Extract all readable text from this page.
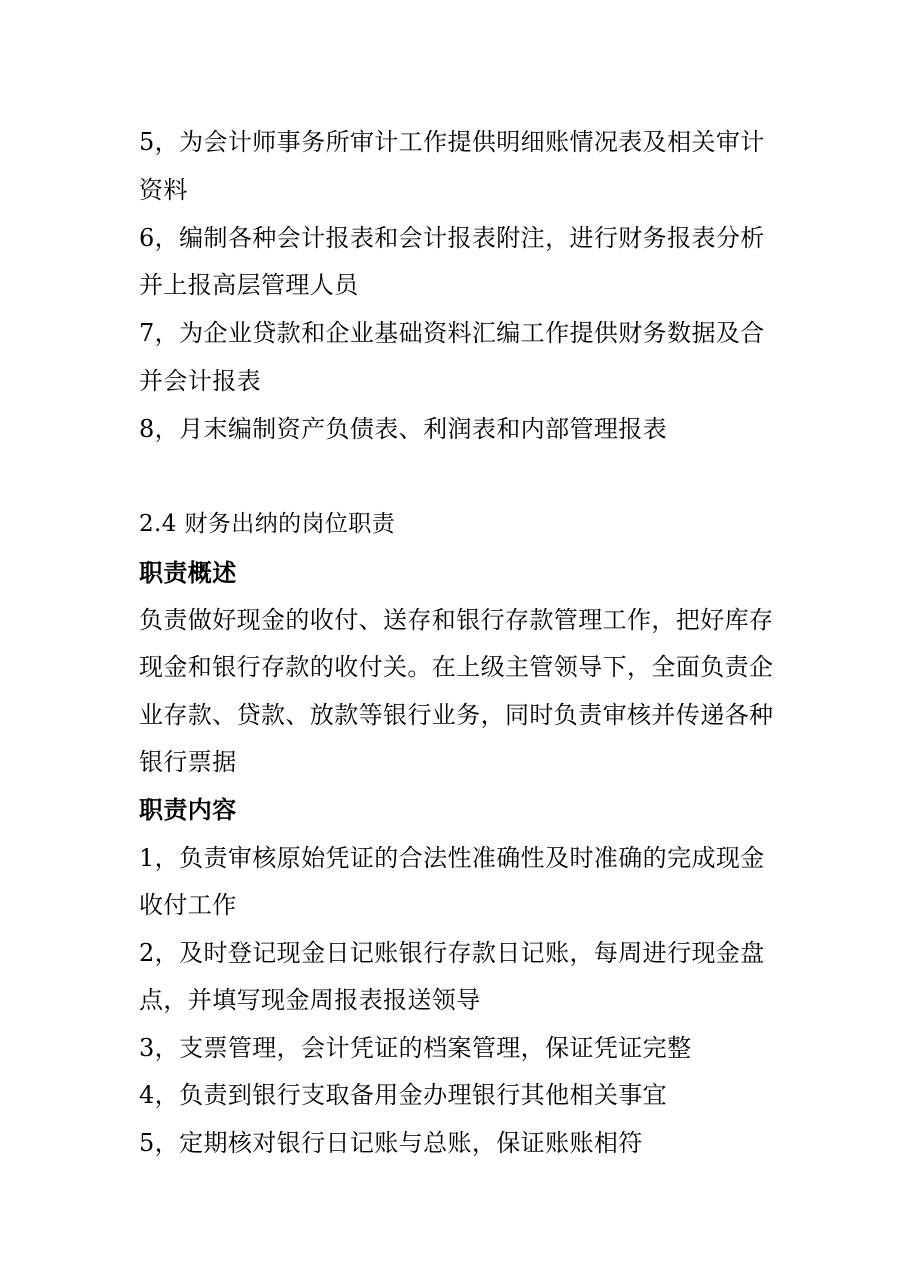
5，为会计师事务所审计工作提供明细账情况表及相关审计
资料
6，编制各种会计报表和会计报表附注，进行财务报表分析
并上报高层管理人员
7，为企业贷款和企业基础资料汇编工作提供财务数据及合
并会计报表
8，月末编制资产负债表、利润表和内部管理报表
2.4 财务出纳的岗位职责
职责概述
负责做好现金的收付、送存和银行存款管理工作，把好库存
现金和银行存款的收付关。在上级主管领导下，全面负责企
业存款、贷款、放款等银行业务，同时负责审核并传递各种
银行票据
职责内容
1，负责审核原始凭证的合法性准确性及时准确的完成现金
收付工作
2，及时登记现金日记账银行存款日记账，每周进行现金盘
点，并填写现金周报表报送领导
3，支票管理，会计凭证的档案管理，保证凭证完整
4，负责到银行支取备用金办理银行其他相关事宜
5，定期核对银行日记账与总账，保证账账相符
